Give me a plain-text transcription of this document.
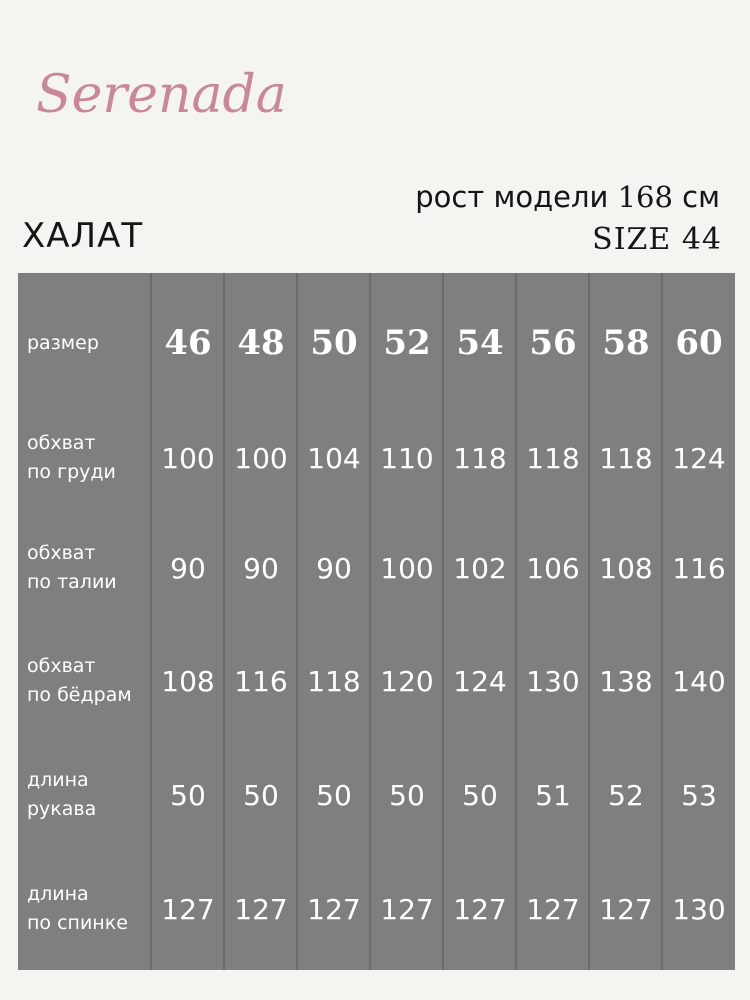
Serenada
рост модели 168 см
ХАЛАТ	SIZE 44
размер	46 48 50 52 54 56 58 60
обхват
по груди	100 100 104 110 118 118 118 124
обхват
по талии	90	90	90	100 102 106 108 116
обхват
по бёдрам	108 116 118 120 124 130 138 140
длина
рукава	50	50	50	50	50	51	52	53
длина
по спинке	127 127 127 127 127 127 127 130
